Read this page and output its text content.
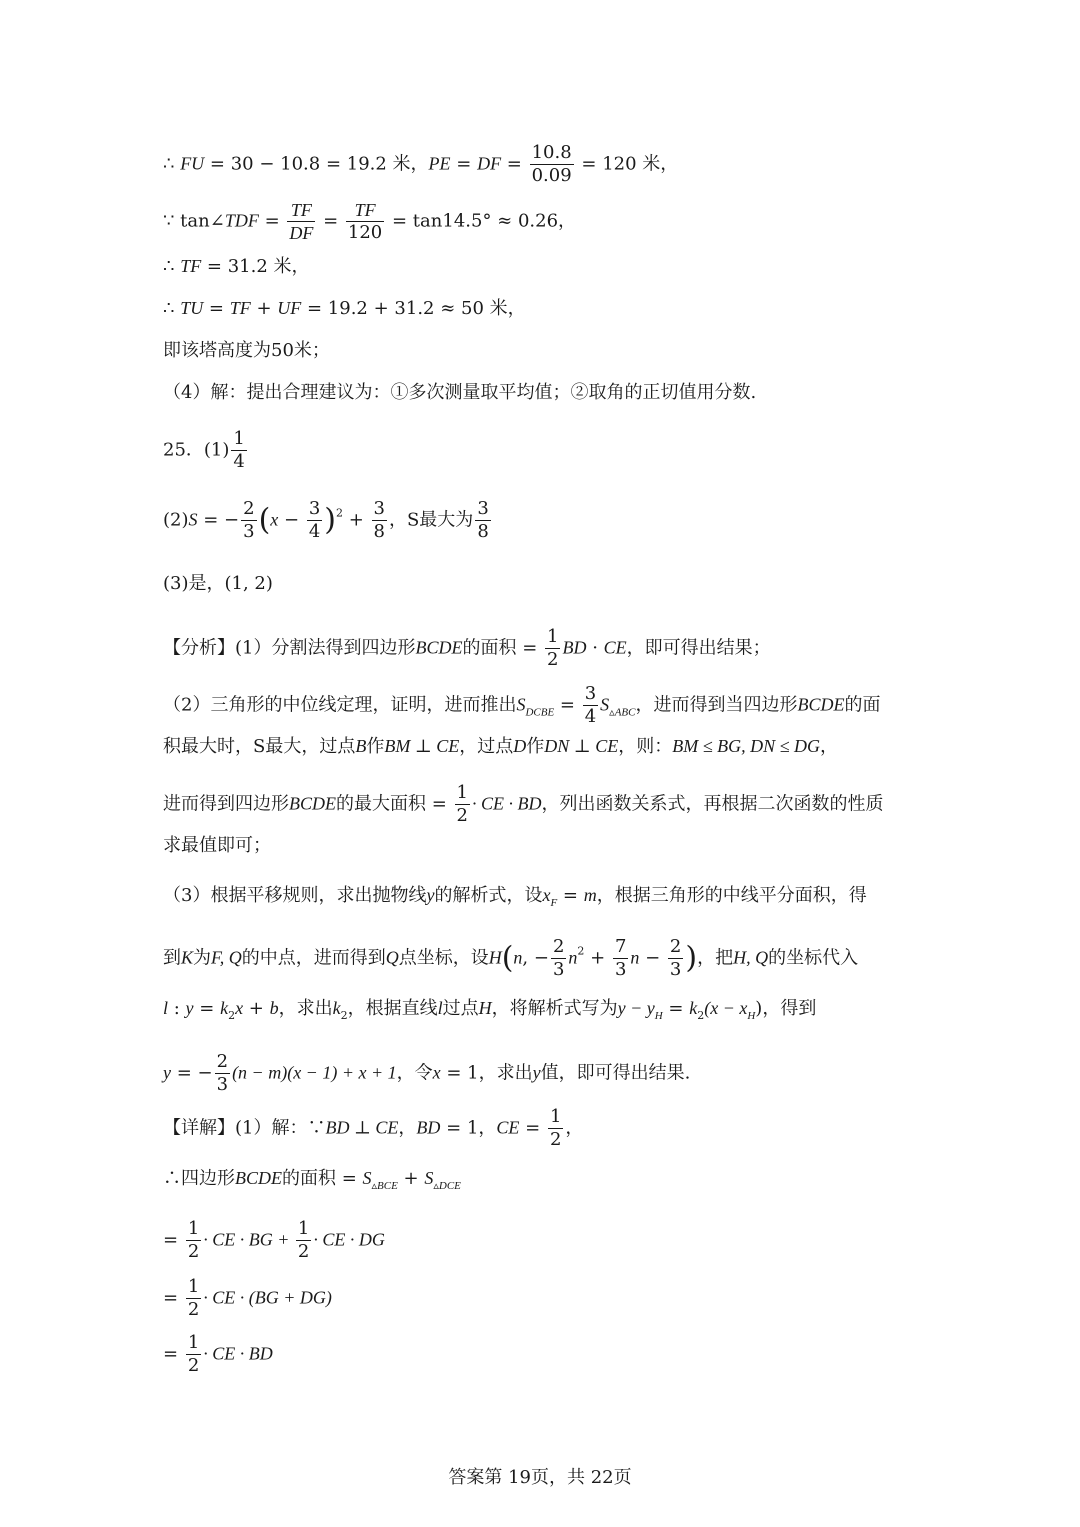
∴ FU = 30 − 10.8 = 19.2 米，PE = DF = $\frac{10.8}{0.09} = 120$ 米，
∵ tan∠TDF = $\frac{TF}{DF} = \frac{TF}{120} = \tan 14.5^\circ \approx 0.26$，
∴ TF = 31.2 米，
∴ TU = TF + UF = 19.2 + 31.2 ≈ 50 米，
即该塔高度为50米；
（4）解：提出合理建议为：①多次测量取平均值；②取角的正切值用分数.
25．$(1) \frac{1}{4}$
(2)S = − $\frac{2}{3} (x - \frac{3}{4} )^2 + \frac{3}{8}$ ，S最大为 $\frac{3}{8}$
(3)是，(1, 2)
【分析】(1）分割法得到四边形BCDE的面积 = $\frac{1}{2}$ BD · CE，即可得出结果；
（2）三角形的中位线定理，证明，进而推出$S_{DCBE} = \frac{3}{4} S_{▵ABC}$，进而得到当四边形BCDE的面
积最大时，S最大，过点B作BM ⊥ CE，过点D作DN ⊥ CE，则：BM ≤ BG, DN ≤ DG，
进而得到四边形BCDE的最大面积 = $\frac{1}{2}$ · CE · BD，列出函数关系式，再根据二次函数的性质
求最值即可；
（3）根据平移规则，求出抛物线y的解析式，设$x_F = m$，根据三角形的中线平分面积，得
到K为F, Q的中点，进而得到Q点坐标，设H(n, − $\frac{2}{3} n^2 + \frac{7}{3}$ $n - \frac{2}{3}$ )，把H, Q的坐标代入
l : $y = k_2x + b$，求出$k_2$，根据直线l过点H，将解析式写为$y - y_H = k_2(x - x_H)$，得到
y = − $\frac{2}{3} (n - m)(x - 1) + x + 1$，令x = 1，求出y值，即可得出结果.
【详解】(1）解：∵BD ⊥ CE，BD = 1，CE = $\frac{1}{2}$ ，
∴四边形BCDE的面积 = $S_{▵BCE} + S_{▵DCE}$
= $\frac{1}{2}$ · CE · BG + $\frac{1}{2}$ · CE · DG
= $\frac{1}{2}$ · CE · (BG + DG)
= $\frac{1}{2}$ · CE · BD
答案第 19页，共 22页
